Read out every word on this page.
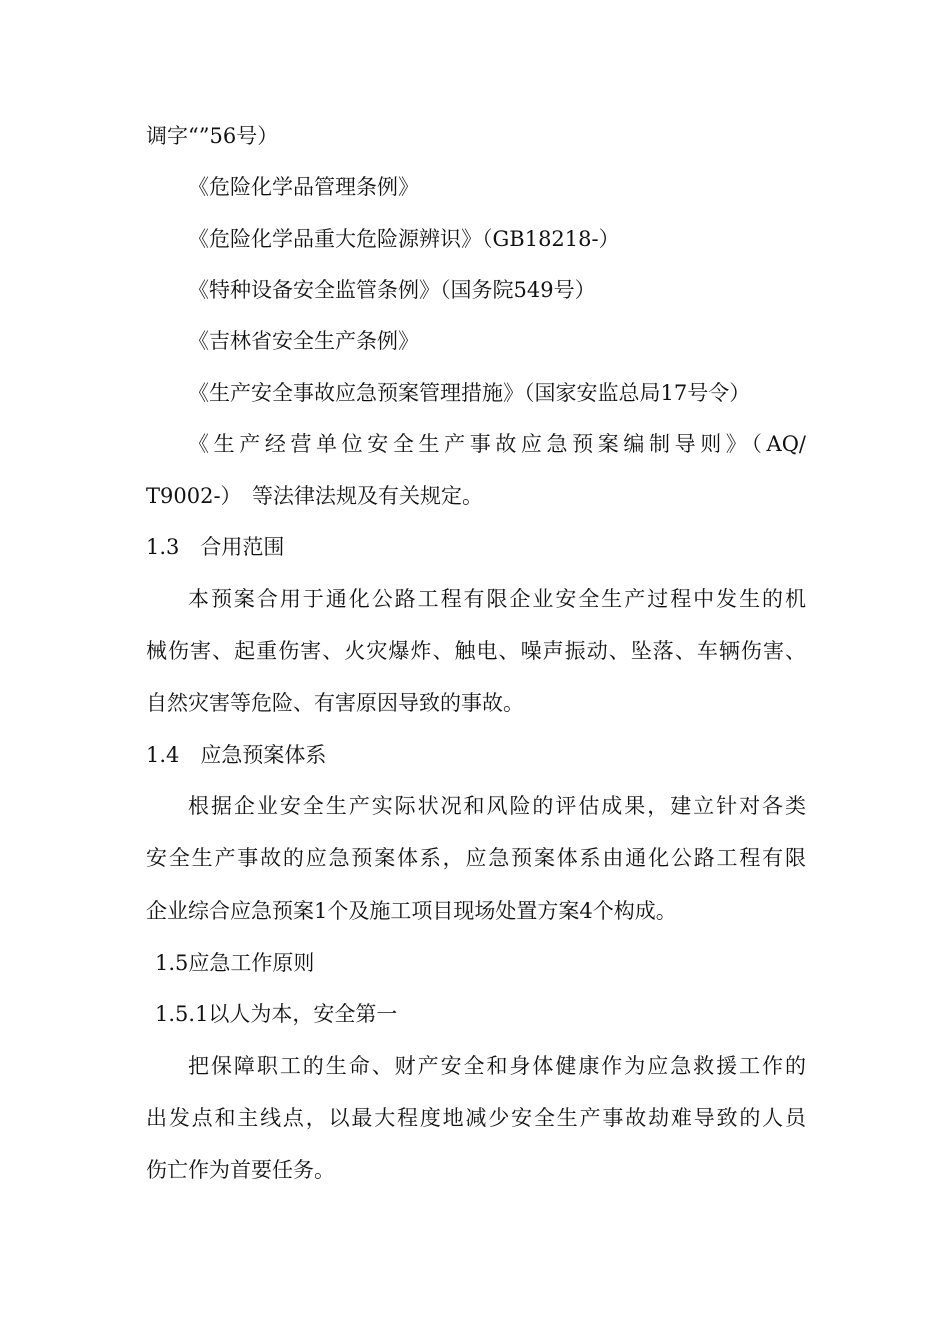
调字“”56号）
《危险化学品管理条例》
《危险化学品重大危险源辨识》（GB18218-）
《特种设备安全监管条例》（国务院549号）
《吉林省安全生产条例》
《生产安全事故应急预案管理措施》（国家安监总局17号令）
《生产经营单位安全生产事故应急预案编制导则》（AQ/
T9002-）　等法律法规及有关规定。
1.3　合用范围
本预案合用于通化公路工程有限企业安全生产过程中发生的机
械伤害、起重伤害、火灾爆炸、触电、噪声振动、坠落、车辆伤害、
自然灾害等危险、有害原因导致的事故。
1.4　应急预案体系
根据企业安全生产实际状况和风险的评估成果，建立针对各类
安全生产事故的应急预案体系，应急预案体系由通化公路工程有限
企业综合应急预案1个及施工项目现场处置方案4个构成。
1.5应急工作原则
1.5.1以人为本，安全第一
把保障职工的生命、财产安全和身体健康作为应急救援工作的
出发点和主线点，以最大程度地减少安全生产事故劫难导致的人员
伤亡作为首要任务。
